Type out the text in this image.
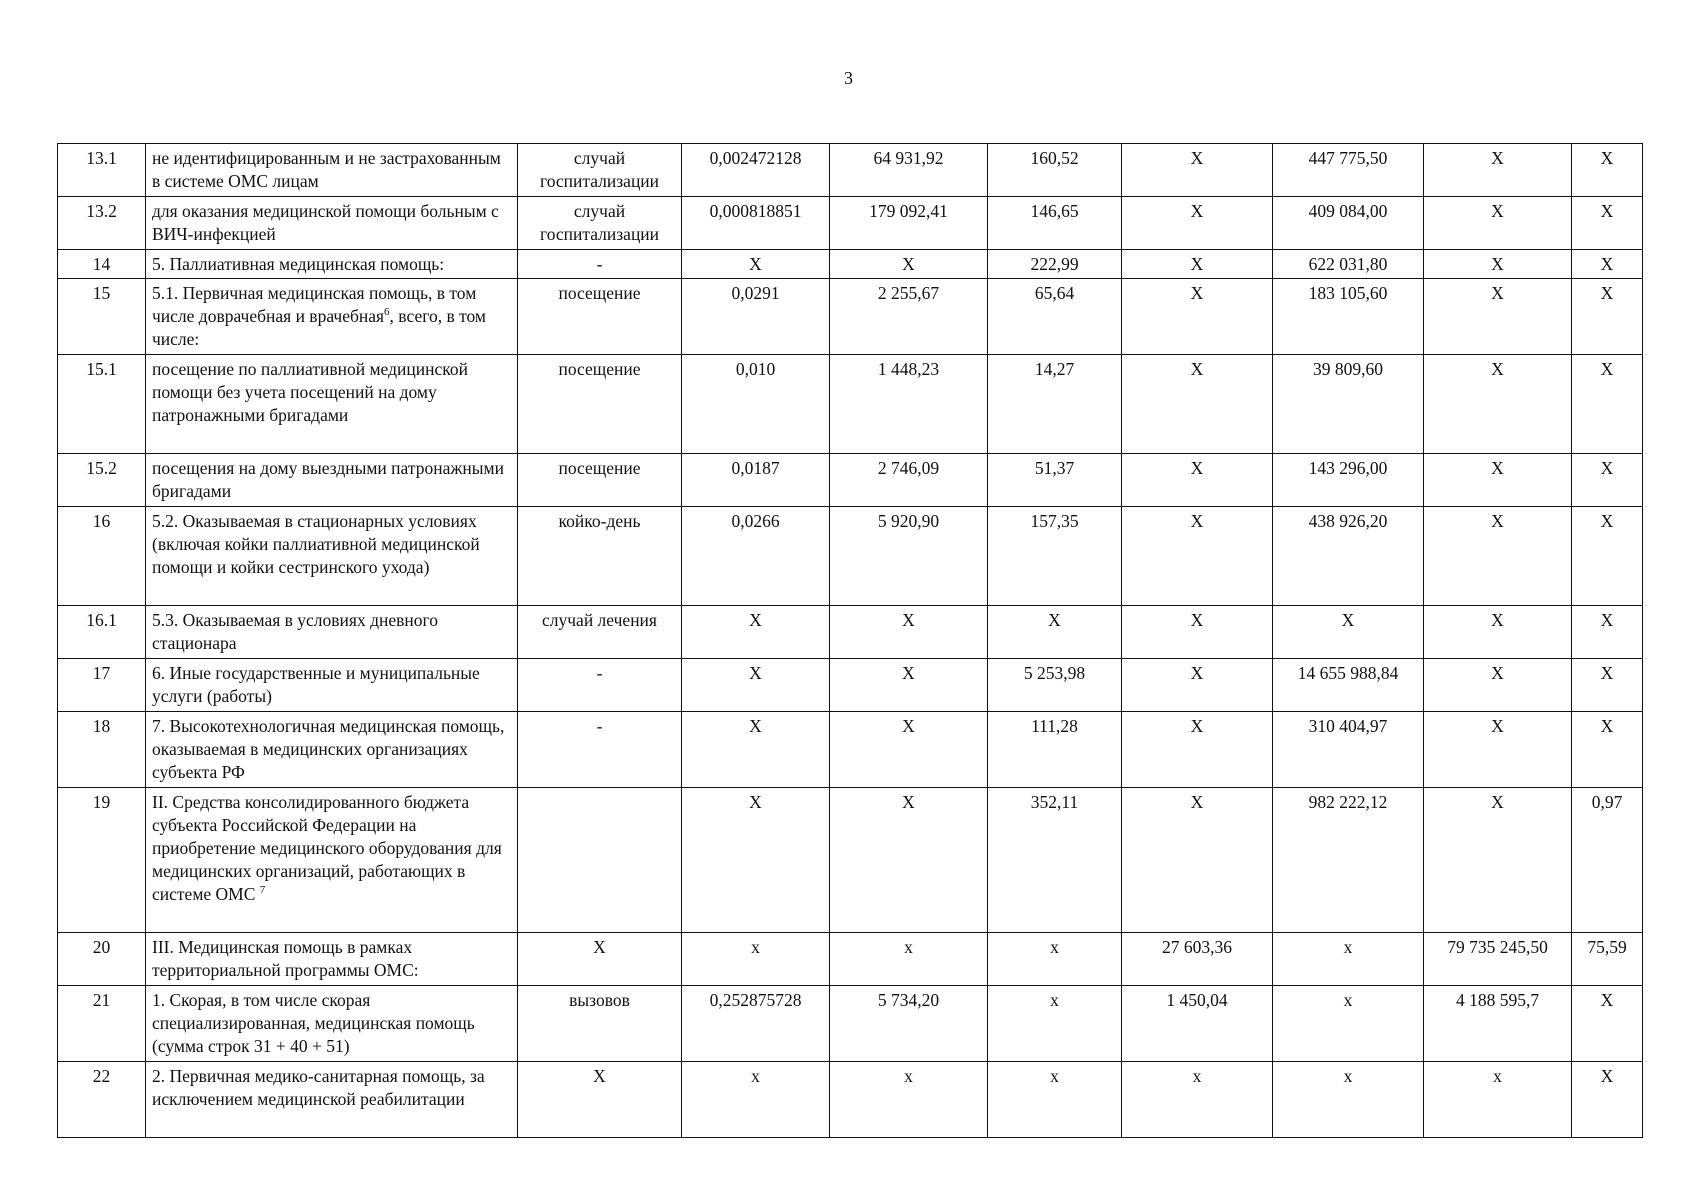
3
13.1	не идентифицированным и не застрахованным в системе ОМС лицам	случай госпитализации	0,002472128	64 931,92	160,52	Х	447 775,50	Х	Х
13.2	для оказания медицинской помощи больным с ВИЧ-инфекцией	случай госпитализации	0,000818851	179 092,41	146,65	Х	409 084,00	Х	Х
14	5. Паллиативная медицинская помощь:	-	Х	Х	222,99	Х	622 031,80	Х	Х
15	5.1. Первичная медицинская помощь, в том числе доврачебная и врачебная$^6$, всего, в том числе:	посещение	0,0291	2 255,67	65,64	Х	183 105,60	Х	Х
15.1	посещение по паллиативной медицинской помощи без учета посещений на дому патронажными бригадами	посещение	0,010	1 448,23	14,27	Х	39 809,60	Х	Х
15.2	посещения на дому выездными патронажными бригадами	посещение	0,0187	2 746,09	51,37	Х	143 296,00	Х	Х
16	5.2. Оказываемая в стационарных условиях (включая койки паллиативной медицинской помощи и койки сестринского ухода)	койко-день	0,0266	5 920,90	157,35	Х	438 926,20	Х	Х
16.1	5.3. Оказываемая в условиях дневного стационара	случай лечения	Х	Х	Х	Х	Х	Х	Х
17	6. Иные государственные и муниципальные услуги (работы)	-	Х	Х	5 253,98	Х	14 655 988,84	Х	Х
18	7. Высокотехнологичная медицинская помощь, оказываемая в медицинских организациях субъекта РФ	-	Х	Х	111,28	Х	310 404,97	Х	Х
19	II. Средства консолидированного бюджета субъекта Российской Федерации на приобретение медицинского оборудования для медицинских организаций, работающих в системе ОМС $^7$		Х	Х	352,11	Х	982 222,12	Х	0,97
20	III. Медицинская помощь в рамках территориальной программы ОМС:	Х	х	х	х	27 603,36	х	79 735 245,50	75,59
21	1. Скорая, в том числе скорая специализированная, медицинская помощь (сумма строк 31 + 40 + 51)	вызовов	0,252875728	5 734,20	х	1 450,04	х	4 188 595,7	Х
22	2. Первичная медико-санитарная помощь, за исключением медицинской реабилитации	Х	х	х	х	х	х	х	Х
